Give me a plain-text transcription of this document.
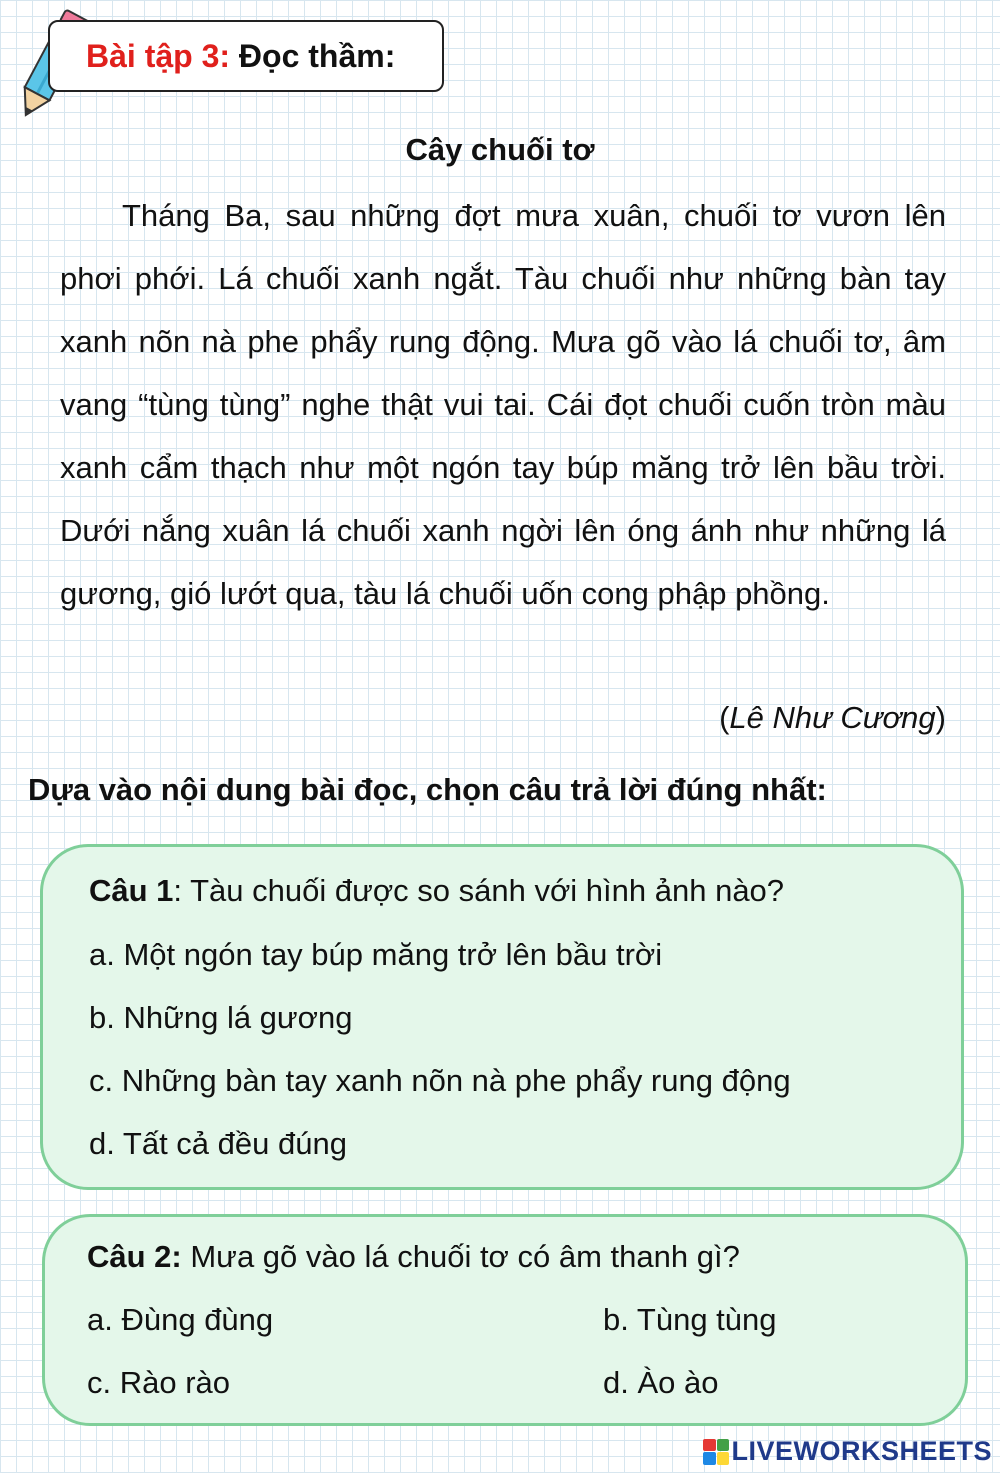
Bài tập 3: Đọc thầm:
Cây chuối tơ
Tháng Ba, sau những đợt mưa xuân, chuối tơ vươn lên phơi phới. Lá chuối xanh ngắt. Tàu chuối như những bàn tay xanh nõn nà phe phẩy rung động. Mưa gõ vào lá chuối tơ, âm vang “tùng tùng” nghe thật vui tai. Cái đọt chuối cuốn tròn màu xanh cẩm thạch như một ngón tay búp măng trở lên bầu trời. Dưới nắng xuân lá chuối xanh ngời lên óng ánh như những lá gương, gió lướt qua, tàu lá chuối uốn cong phập phồng.
(Lê Như Cương)
Dựa vào nội dung bài đọc, chọn câu trả lời đúng nhất:
Câu 1: Tàu chuối được so sánh với hình ảnh nào?
a. Một ngón tay búp măng trở lên bầu trời
b. Những lá gương
c. Những bàn tay xanh nõn nà phe phẩy rung động
d. Tất cả đều đúng
Câu 2: Mưa gõ vào lá chuối tơ có âm thanh gì?
a. Đùng đùng	b. Tùng tùng
c. Rào rào	d. Ào ào
LIVEWORKSHEETS
